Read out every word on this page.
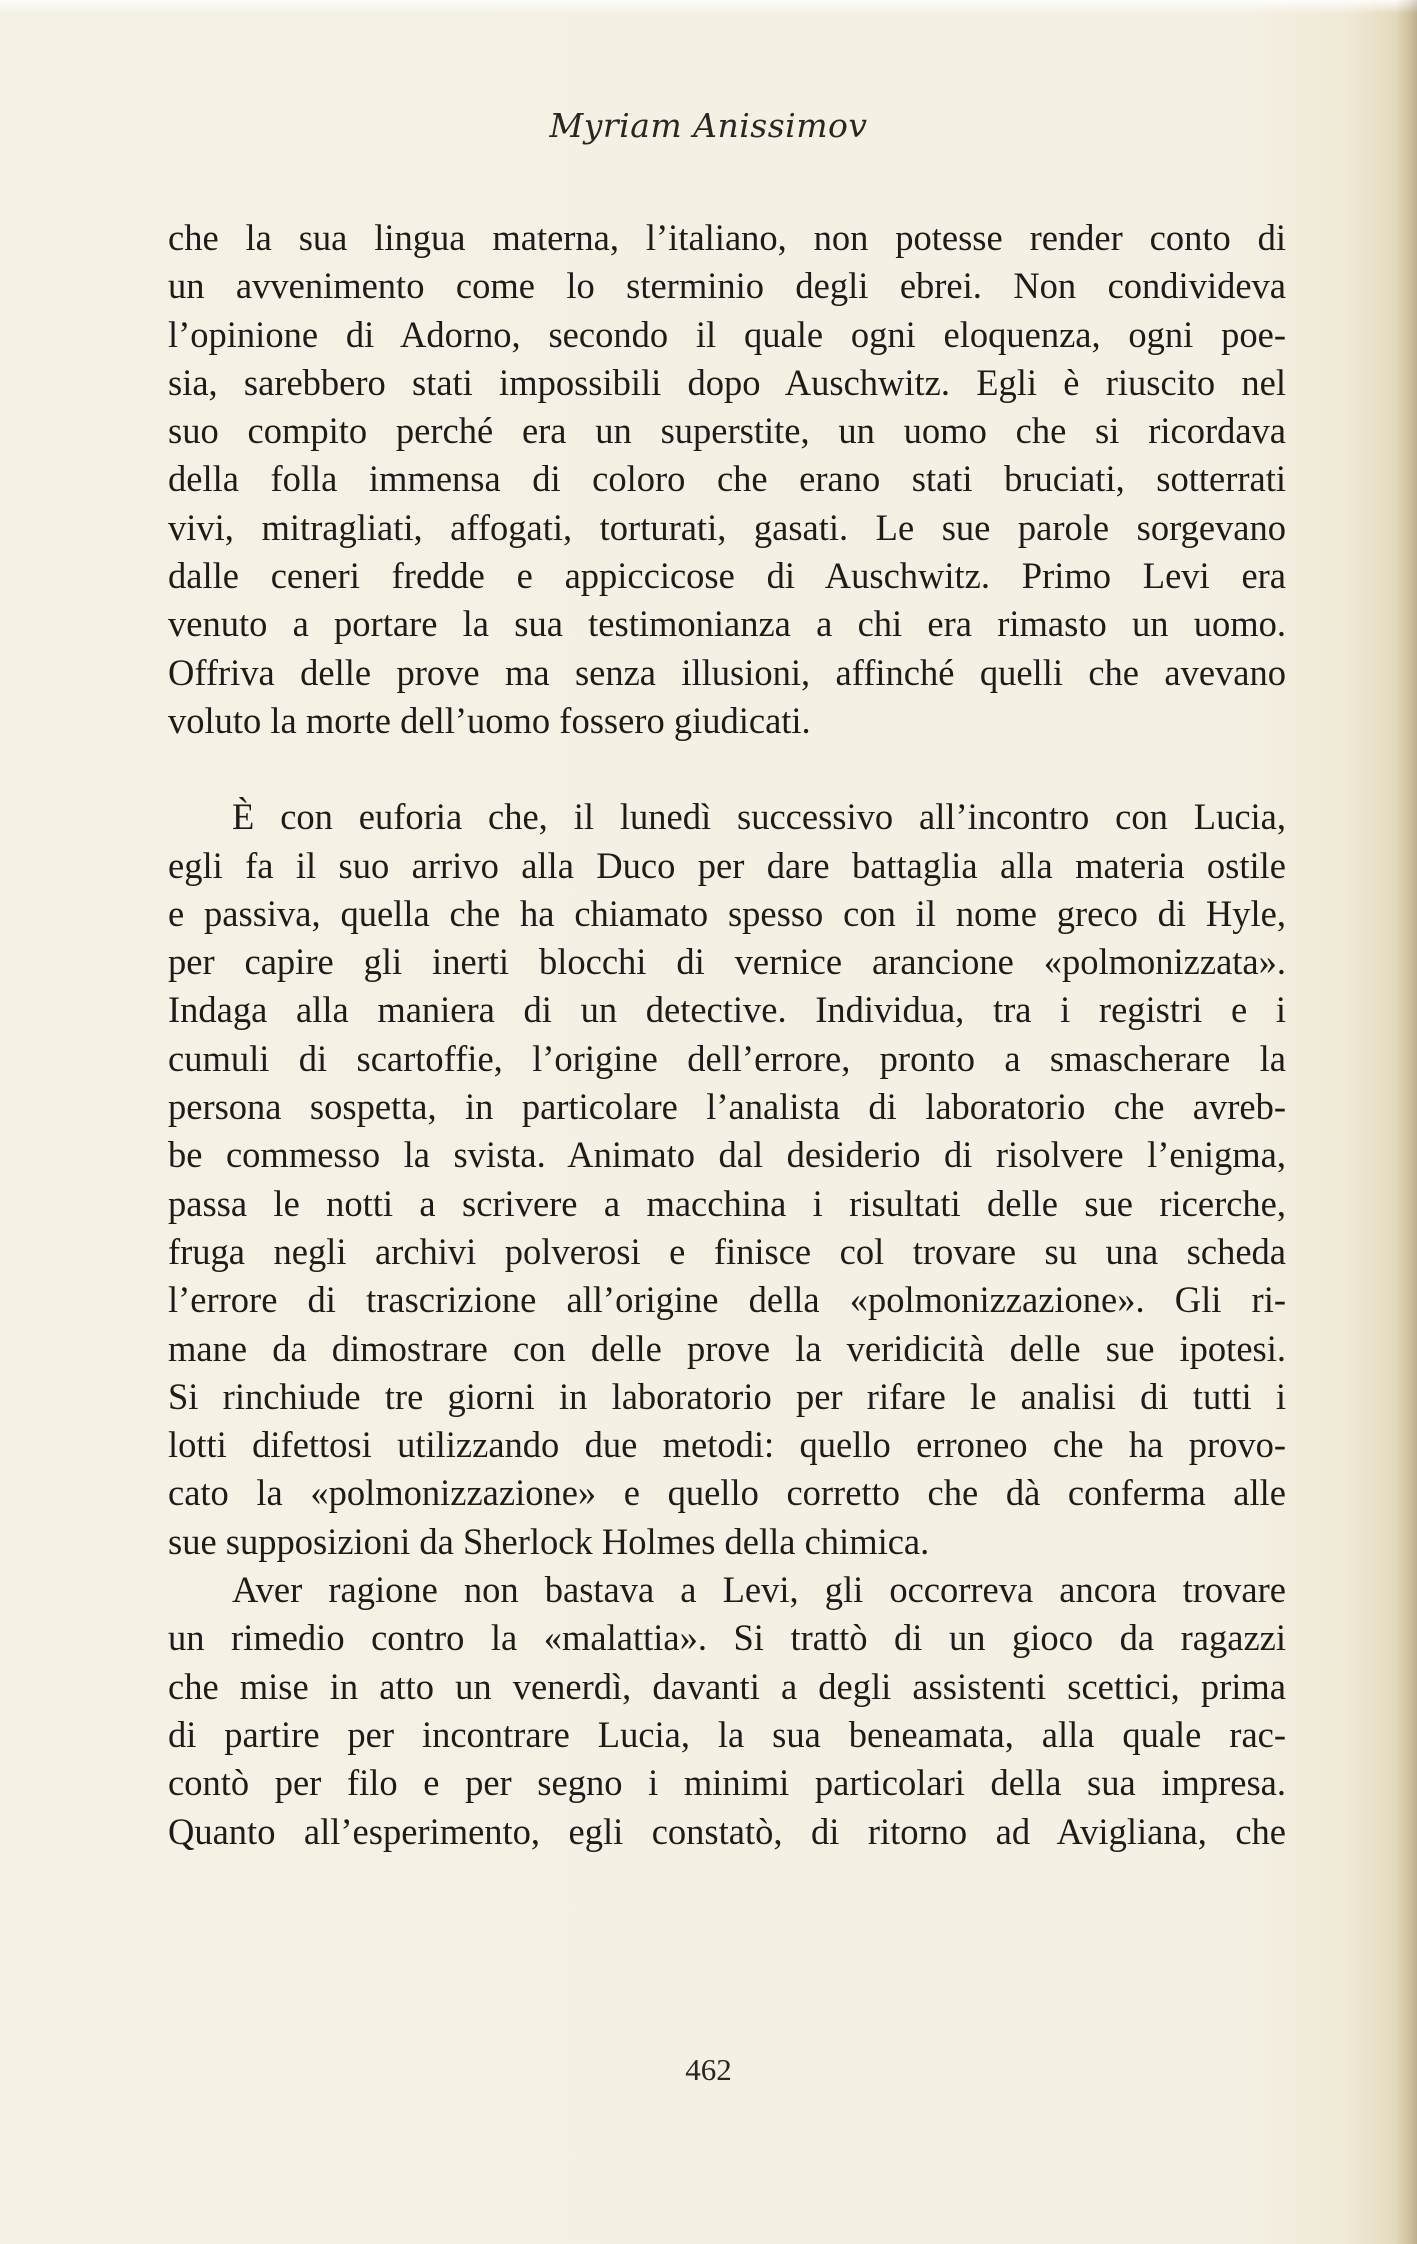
Myriam Anissimov
che la sua lingua materna, l’italiano, non potesse render conto di
un avvenimento come lo sterminio degli ebrei. Non condivideva
l’opinione di Adorno, secondo il quale ogni eloquenza, ogni poe-
sia, sarebbero stati impossibili dopo Auschwitz. Egli è riuscito nel
suo compito perché era un superstite, un uomo che si ricordava
della folla immensa di coloro che erano stati bruciati, sotterrati
vivi, mitragliati, affogati, torturati, gasati. Le sue parole sorgevano
dalle ceneri fredde e appiccicose di Auschwitz. Primo Levi era
venuto a portare la sua testimonianza a chi era rimasto un uomo.
Offriva delle prove ma senza illusioni, affinché quelli che avevano
voluto la morte dell’uomo fossero giudicati.
È con euforia che, il lunedì successivo all’incontro con Lucia,
egli fa il suo arrivo alla Duco per dare battaglia alla materia ostile
e passiva, quella che ha chiamato spesso con il nome greco di Hyle,
per capire gli inerti blocchi di vernice arancione «polmonizzata».
Indaga alla maniera di un detective. Individua, tra i registri e i
cumuli di scartoffie, l’origine dell’errore, pronto a smascherare la
persona sospetta, in particolare l’analista di laboratorio che avreb-
be commesso la svista. Animato dal desiderio di risolvere l’enigma,
passa le notti a scrivere a macchina i risultati delle sue ricerche,
fruga negli archivi polverosi e finisce col trovare su una scheda
l’errore di trascrizione all’origine della «polmonizzazione». Gli ri-
mane da dimostrare con delle prove la veridicità delle sue ipotesi.
Si rinchiude tre giorni in laboratorio per rifare le analisi di tutti i
lotti difettosi utilizzando due metodi: quello erroneo che ha provo-
cato la «polmonizzazione» e quello corretto che dà conferma alle
sue supposizioni da Sherlock Holmes della chimica.
Aver ragione non bastava a Levi, gli occorreva ancora trovare
un rimedio contro la «malattia». Si trattò di un gioco da ragazzi
che mise in atto un venerdì, davanti a degli assistenti scettici, prima
di partire per incontrare Lucia, la sua beneamata, alla quale rac-
contò per filo e per segno i minimi particolari della sua impresa.
Quanto all’esperimento, egli constatò, di ritorno ad Avigliana, che
462
